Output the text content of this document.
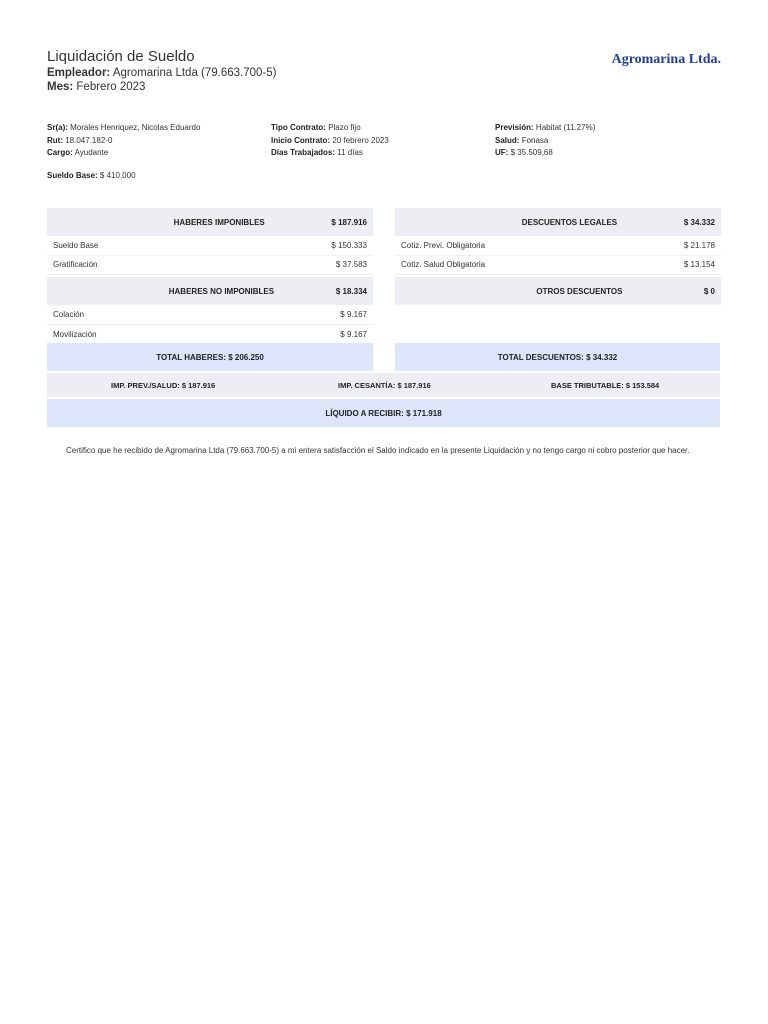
Liquidación de Sueldo
Empleador: Agromarina Ltda (79.663.700-5)
Mes: Febrero 2023
Agromarina Ltda.
Sr(a): Morales Henriquez, Nicolas Eduardo
Rut: 18.047.182-0
Cargo: Ayudante
Tipo Contrato: Plazo fijo
Inicio Contrato: 20 febrero 2023
Días Trabajados: 11 días
Previsión: Habitat (11.27%)
Salud: Fonasa
UF: $ 35.509,68
Sueldo Base: $ 410.000
HABERES IMPONIBLES	$ 187.916
Sueldo Base	$ 150.333
Gratificación	$ 37.583
HABERES NO IMPONIBLES	$ 18.334
Colación	$ 9.167
Movilización	$ 9.167
DESCUENTOS LEGALES	$ 34.332
Cotiz. Previ. Obligatoria	$ 21.178
Cotiz. Salud Obligatoria	$ 13.154
OTROS DESCUENTOS	$ 0
TOTAL HABERES: $ 206.250	TOTAL DESCUENTOS: $ 34.332
IMP. PREV./SALUD: $ 187.916	IMP. CESANTÍA: $ 187.916	BASE TRIBUTABLE: $ 153.584
LÍQUIDO A RECIBIR: $ 171.918
Certifico que he recibido de Agromarina Ltda (79.663.700-5) a mi entera satisfacción el Saldo indicado en la presente Liquidación y no tengo cargo ni cobro posterior que hacer.
